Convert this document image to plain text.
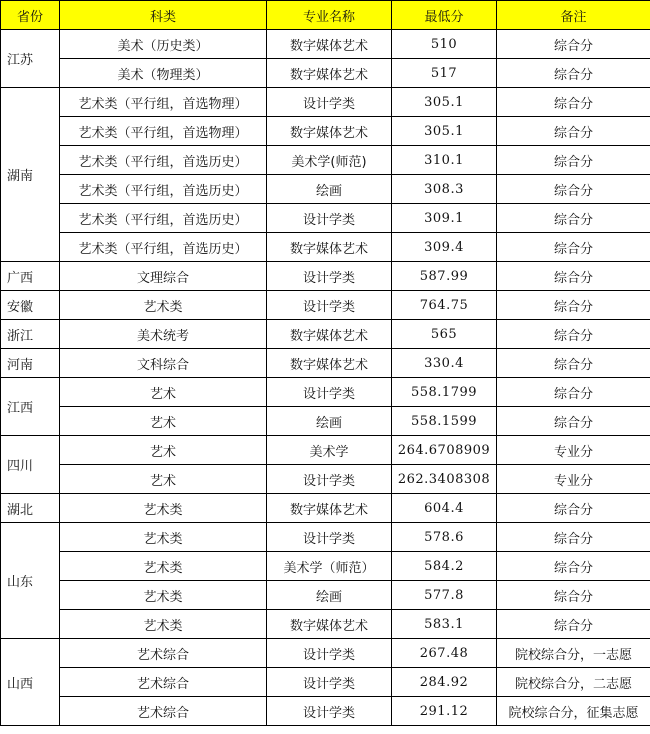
省份	科类	专业名称	最低分	备注
江苏	美术（历史类）	数字媒体艺术	510	综合分
	美术（物理类）	数字媒体艺术	517	综合分
湖南	艺术类（平行组，首选物理）	设计学类	305.1	综合分
	艺术类（平行组，首选物理）	数字媒体艺术	305.1	综合分
	艺术类（平行组，首选历史）	美术学(师范)	310.1	综合分
	艺术类（平行组，首选历史）	绘画	308.3	综合分
	艺术类（平行组，首选历史）	设计学类	309.1	综合分
	艺术类（平行组，首选历史）	数字媒体艺术	309.4	综合分
广西	文理综合	设计学类	587.99	综合分
安徽	艺术类	设计学类	764.75	综合分
浙江	美术统考	数字媒体艺术	565	综合分
河南	文科综合	数字媒体艺术	330.4	综合分
江西	艺术	设计学类	558.1799	综合分
	艺术	绘画	558.1599	综合分
四川	艺术	美术学	264.6708909	专业分
	艺术	设计学类	262.3408308	专业分
湖北	艺术类	数字媒体艺术	604.4	综合分
山东	艺术类	设计学类	578.6	综合分
	艺术类	美术学（师范）	584.2	综合分
	艺术类	绘画	577.8	综合分
	艺术类	数字媒体艺术	583.1	综合分
山西	艺术综合	设计学类	267.48	院校综合分，一志愿
	艺术综合	设计学类	284.92	院校综合分，二志愿
	艺术综合	设计学类	291.12	院校综合分，征集志愿
